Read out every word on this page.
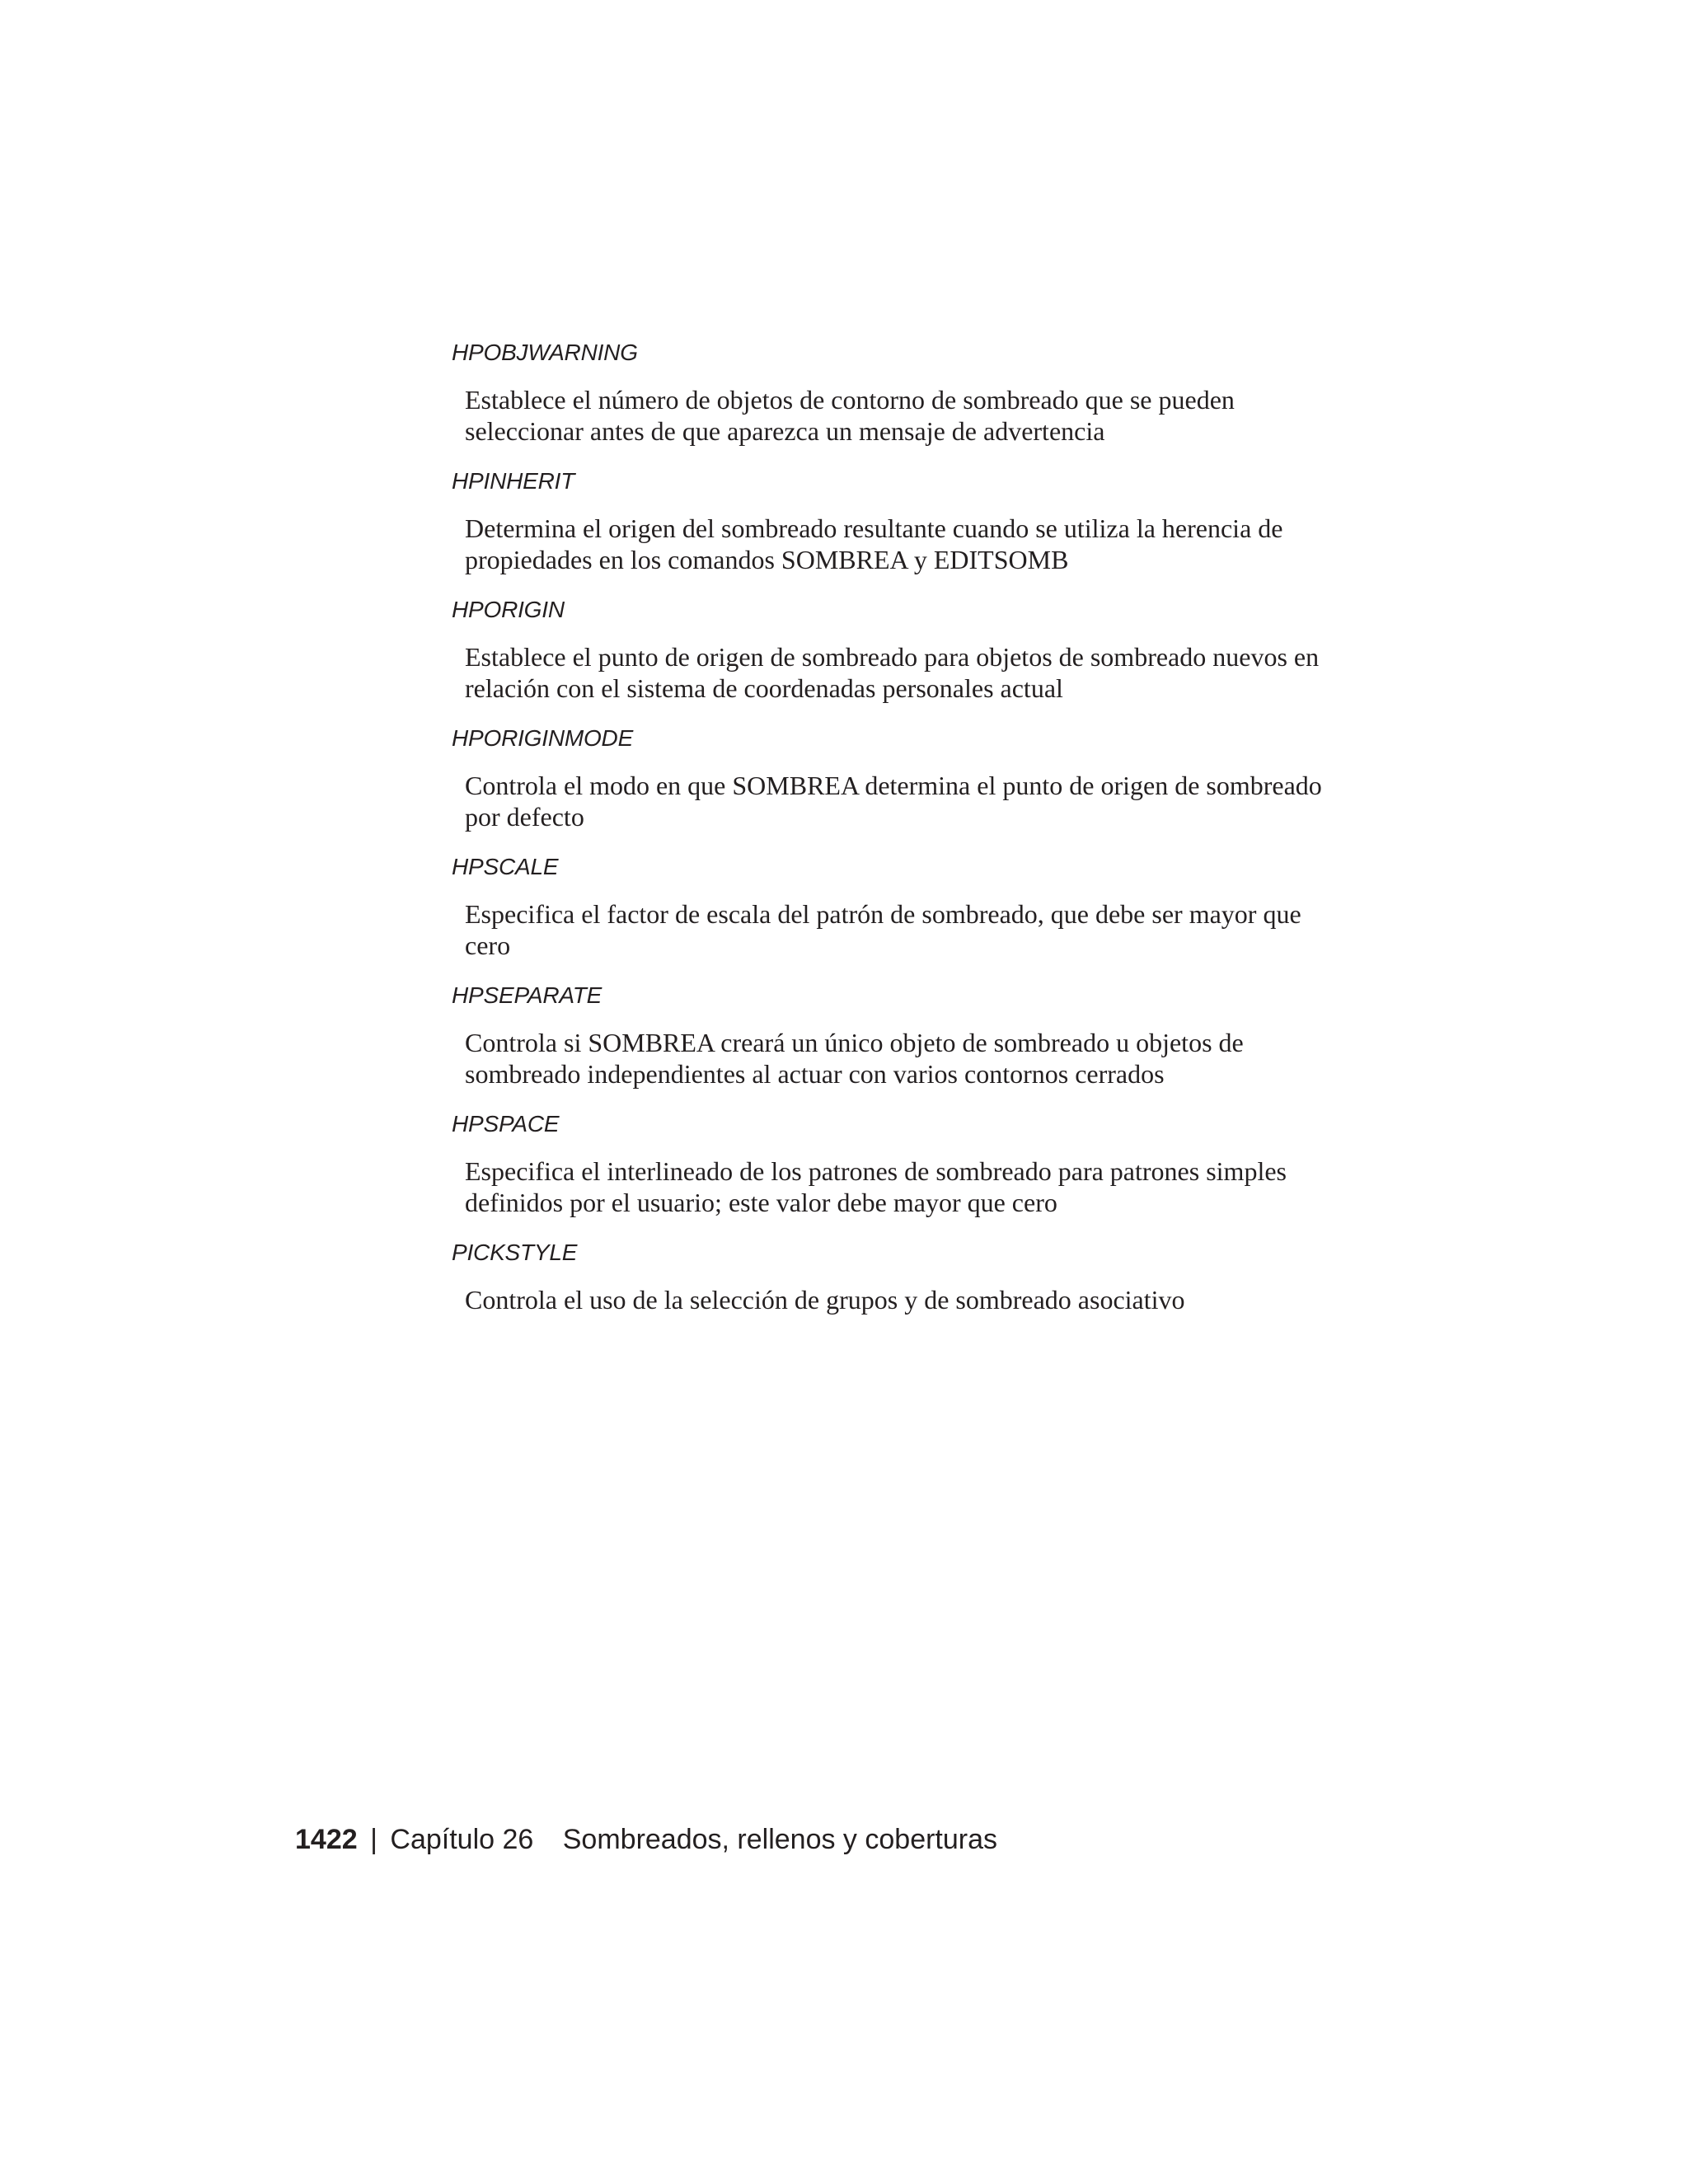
HPOBJWARNING

Establece el número de objetos de contorno de sombreado que se pueden seleccionar antes de que aparezca un mensaje de advertencia

HPINHERIT

Determina el origen del sombreado resultante cuando se utiliza la herencia de propiedades en los comandos SOMBREA y EDITSOMB

HPORIGIN

Establece el punto de origen de sombreado para objetos de sombreado nuevos en relación con el sistema de coordenadas personales actual

HPORIGINMODE

Controla el modo en que SOMBREA determina el punto de origen de sombreado por defecto

HPSCALE

Especifica el factor de escala del patrón de sombreado, que debe ser mayor que cero

HPSEPARATE

Controla si SOMBREA creará un único objeto de sombreado u objetos de sombreado independientes al actuar con varios contornos cerrados

HPSPACE

Especifica el interlineado de los patrones de sombreado para patrones simples definidos por el usuario; este valor debe mayor que cero

PICKSTYLE

Controla el uso de la selección de grupos y de sombreado asociativo

1422 | Capítulo 26 Sombreados, rellenos y coberturas
